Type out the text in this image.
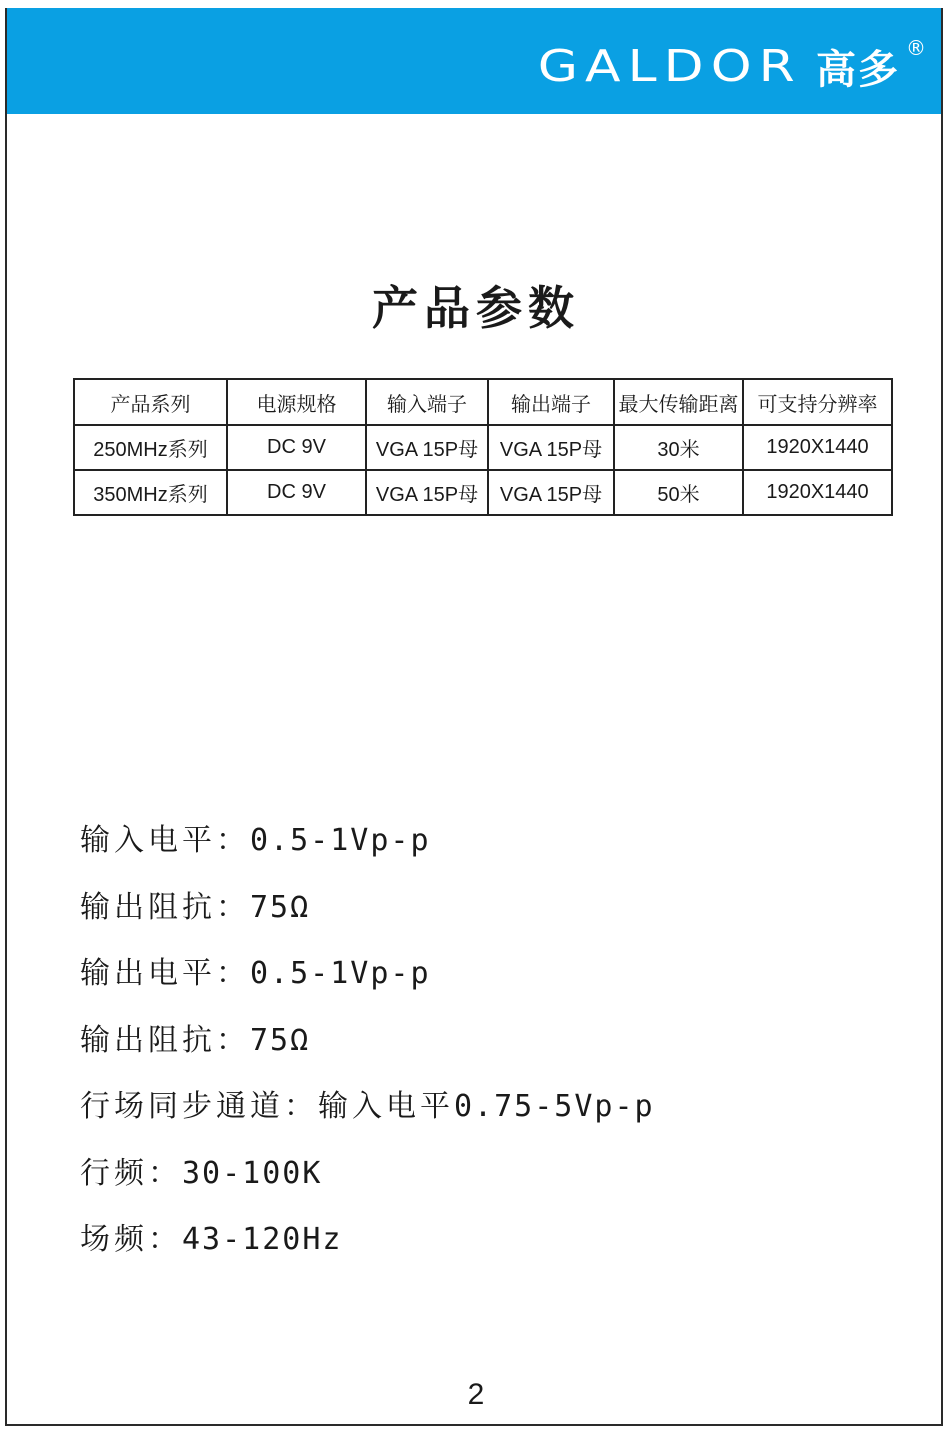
GALDOR 高多 ®
产品参数
产品系列	电源规格	输入端子	输出端子	最大传输距离	可支持分辨率
250MHz系列	DC 9V	VGA 15P母	VGA 15P母	30米	1920X1440
350MHz系列	DC 9V	VGA 15P母	VGA 15P母	50米	1920X1440
输入电平：0.5-1Vp-p
输出阻抗：75Ω
输出电平：0.5-1Vp-p
输出阻抗：75Ω
行场同步通道：输入电平0.75-5Vp-p
行频：30-100K
场频：43-120Hz
2
